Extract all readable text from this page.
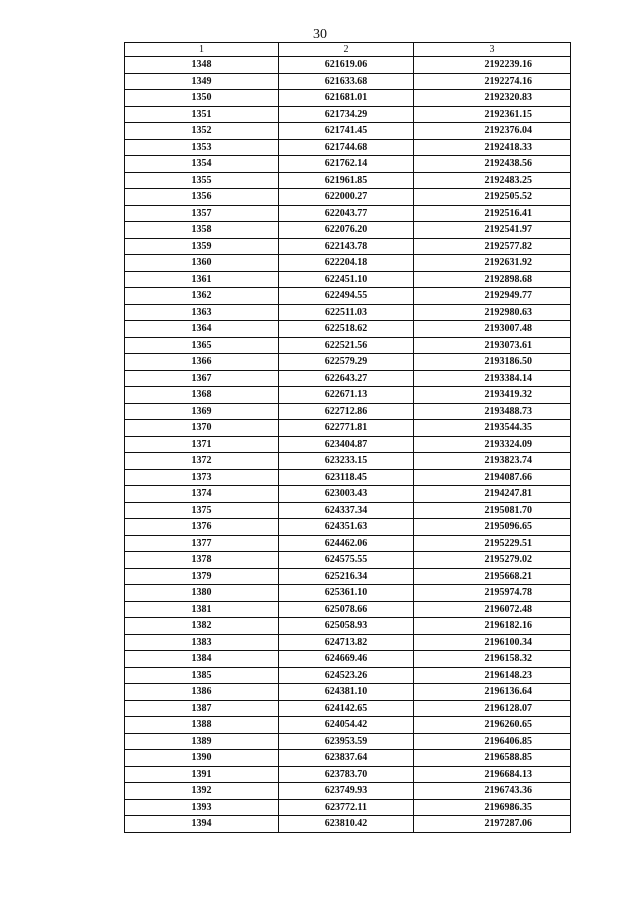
30
1	2	3
1348	621619.06	2192239.16
1349	621633.68	2192274.16
1350	621681.01	2192320.83
1351	621734.29	2192361.15
1352	621741.45	2192376.04
1353	621744.68	2192418.33
1354	621762.14	2192438.56
1355	621961.85	2192483.25
1356	622000.27	2192505.52
1357	622043.77	2192516.41
1358	622076.20	2192541.97
1359	622143.78	2192577.82
1360	622204.18	2192631.92
1361	622451.10	2192898.68
1362	622494.55	2192949.77
1363	622511.03	2192980.63
1364	622518.62	2193007.48
1365	622521.56	2193073.61
1366	622579.29	2193186.50
1367	622643.27	2193384.14
1368	622671.13	2193419.32
1369	622712.86	2193488.73
1370	622771.81	2193544.35
1371	623404.87	2193324.09
1372	623233.15	2193823.74
1373	623118.45	2194087.66
1374	623003.43	2194247.81
1375	624337.34	2195081.70
1376	624351.63	2195096.65
1377	624462.06	2195229.51
1378	624575.55	2195279.02
1379	625216.34	2195668.21
1380	625361.10	2195974.78
1381	625078.66	2196072.48
1382	625058.93	2196182.16
1383	624713.82	2196100.34
1384	624669.46	2196158.32
1385	624523.26	2196148.23
1386	624381.10	2196136.64
1387	624142.65	2196128.07
1388	624054.42	2196260.65
1389	623953.59	2196406.85
1390	623837.64	2196588.85
1391	623783.70	2196684.13
1392	623749.93	2196743.36
1393	623772.11	2196986.35
1394	623810.42	2197287.06
